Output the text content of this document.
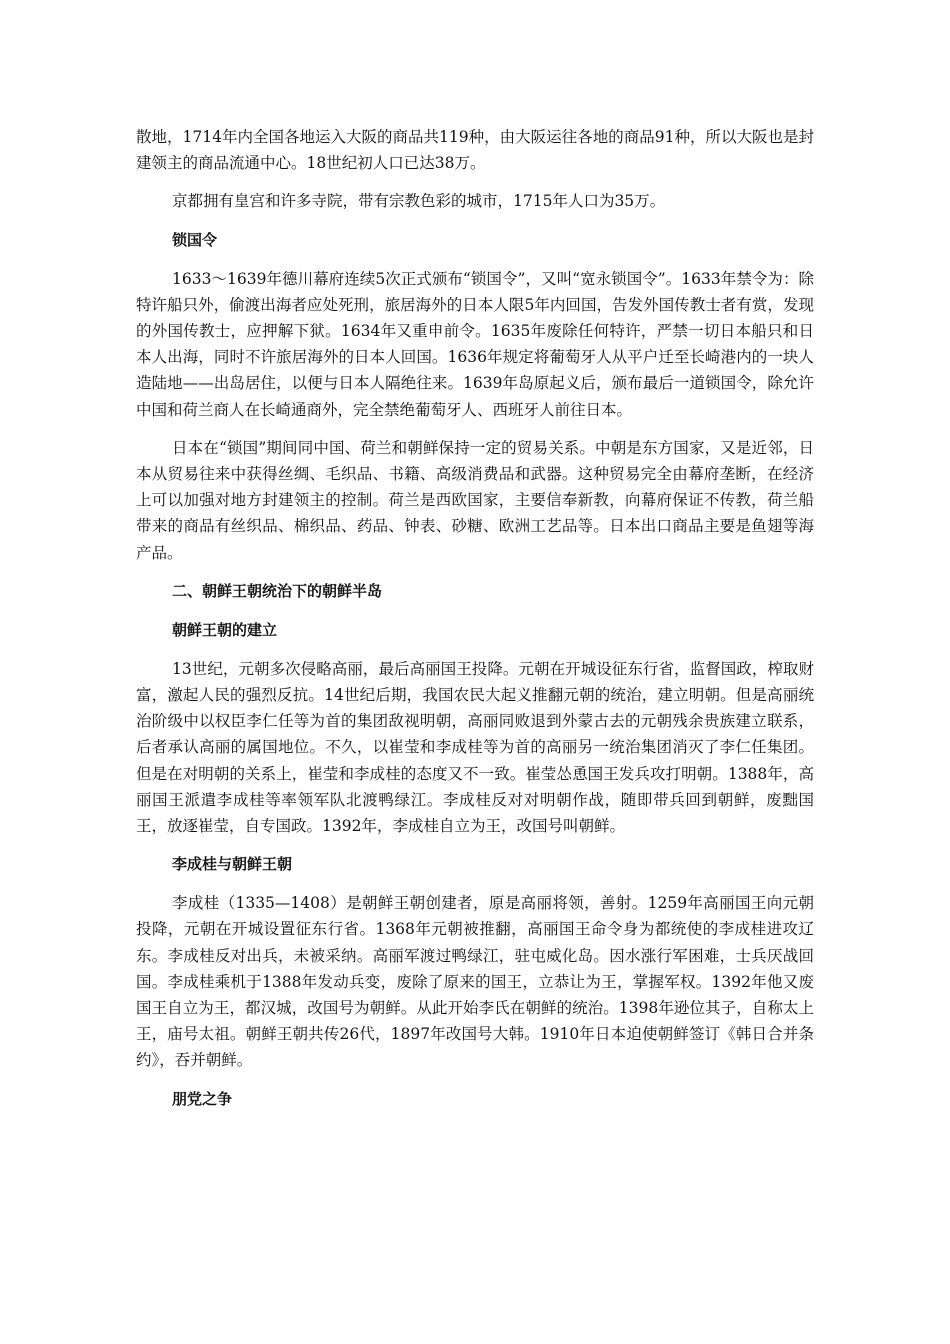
散地，1714年内全国各地运入大阪的商品共119种，由大阪运往各地的商品91种，所以大阪也是封建领主的商品流通中心。18世纪初人口已达38万。

京都拥有皇宫和许多寺院，带有宗教色彩的城市，1715年人口为35万。

锁国令

1633～1639年德川幕府连续5次正式颁布“锁国令”，又叫“宽永锁国令”。1633年禁令为：除特许船只外，偷渡出海者应处死刑，旅居海外的日本人限5年内回国，告发外国传教士者有赏，发现的外国传教士，应押解下狱。1634年又重申前令。1635年废除任何特许，严禁一切日本船只和日本人出海，同时不许旅居海外的日本人回国。1636年规定将葡萄牙人从平户迁至长崎港内的一块人造陆地——出岛居住，以便与日本人隔绝往来。1639年岛原起义后，颁布最后一道锁国令，除允许中国和荷兰商人在长崎通商外，完全禁绝葡萄牙人、西班牙人前往日本。

日本在“锁国”期间同中国、荷兰和朝鲜保持一定的贸易关系。中朝是东方国家，又是近邻，日本从贸易往来中获得丝绸、毛织品、书籍、高级消费品和武器。这种贸易完全由幕府垄断，在经济上可以加强对地方封建领主的控制。荷兰是西欧国家，主要信奉新教，向幕府保证不传教，荷兰船带来的商品有丝织品、棉织品、药品、钟表、砂糖、欧洲工艺品等。日本出口商品主要是鱼翅等海产品。

二、朝鲜王朝统治下的朝鲜半岛
朝鲜王朝的建立

13世纪，元朝多次侵略高丽，最后高丽国王投降。元朝在开城设征东行省，监督国政，榨取财富，激起人民的强烈反抗。14世纪后期，我国农民大起义推翻元朝的统治，建立明朝。但是高丽统治阶级中以权臣李仁任等为首的集团敌视明朝，高丽同败退到外蒙古去的元朝残余贵族建立联系，后者承认高丽的属国地位。不久，以崔莹和李成桂等为首的高丽另一统治集团消灭了李仁任集团。但是在对明朝的关系上，崔莹和李成桂的态度又不一致。崔莹怂恿国王发兵攻打明朝。1388年，高丽国王派遣李成桂等率领军队北渡鸭绿江。李成桂反对对明朝作战，随即带兵回到朝鲜，废黜国王，放逐崔莹，自专国政。1392年，李成桂自立为王，改国号叫朝鲜。

李成桂与朝鲜王朝

李成桂（1335—1408）是朝鲜王朝创建者，原是高丽将领，善射。1259年高丽国王向元朝投降，元朝在开城设置征东行省。1368年元朝被推翻，高丽国王命令身为都统使的李成桂进攻辽东。李成桂反对出兵，未被采纳。高丽军渡过鸭绿江，驻屯威化岛。因水涨行军困难，士兵厌战回国。李成桂乘机于1388年发动兵变，废除了原来的国王，立恭让为王，掌握军权。1392年他又废国王自立为王，都汉城，改国号为朝鲜。从此开始李氏在朝鲜的统治。1398年逊位其子，自称太上王，庙号太祖。朝鲜王朝共传26代，1897年改国号大韩。1910年日本迫使朝鲜签订《韩日合并条约》，吞并朝鲜。

朋党之争
